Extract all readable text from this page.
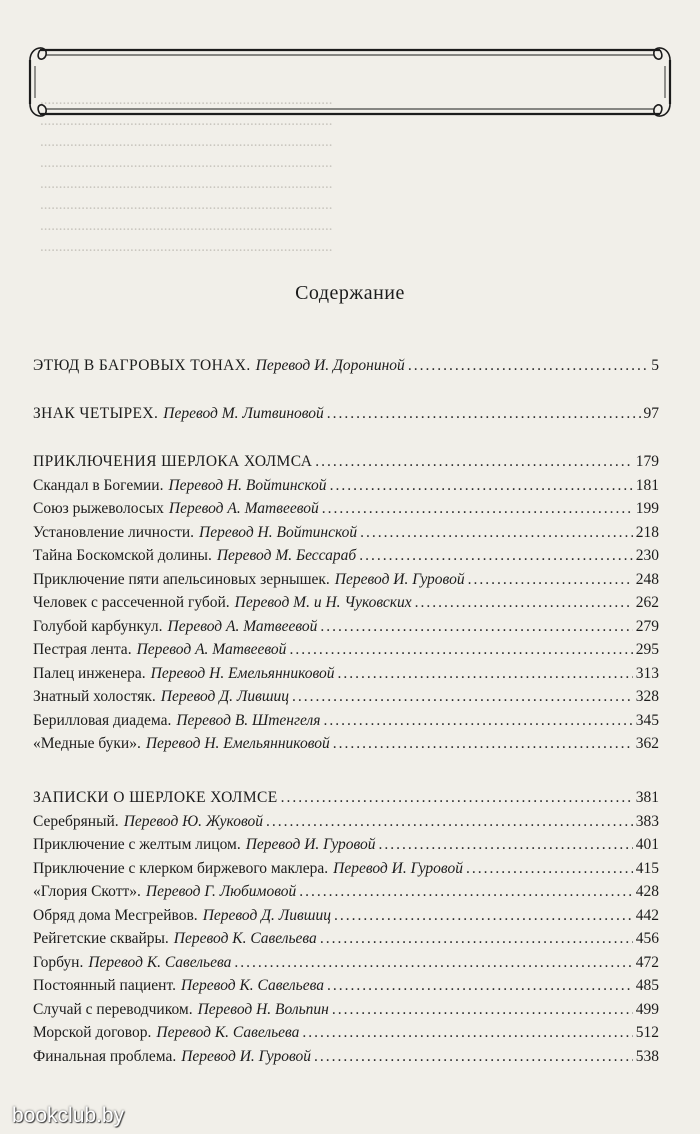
..............................................................................
..............................................................................
..............................................................................
..............................................................................
..............................................................................
..............................................................................
..............................................................................
..............................................................................
Содержание
ЭТЮД В БАГРОВЫХ ТОНАХ. Перевод И. Дорониной .....	5
ЗНАК ЧЕТЫРЕХ. Перевод М. Литвиновой .....	97
ПРИКЛЮЧЕНИЯ ШЕРЛОКА ХОЛМСА .....	179
Скандал в Богемии. Перевод Н. Войтинской .....	181
Союз рыжеволосых Перевод А. Матвеевой .....	199
Установление личности. Перевод Н. Войтинской .....	218
Тайна Боскомской долины. Перевод М. Бессараб .....	230
Приключение пяти апельсиновых зернышек. Перевод И. Гуровой .....	248
Человек с рассеченной губой. Перевод М. и Н. Чуковских .....	262
Голубой карбункул. Перевод А. Матвеевой .....	279
Пестрая лента. Перевод А. Матвеевой .....	295
Палец инженера. Перевод Н. Емельянниковой .....	313
Знатный холостяк. Перевод Д. Лившиц .....	328
Берилловая диадема. Перевод В. Штенгеля .....	345
«Медные буки». Перевод Н. Емельянниковой .....	362
ЗАПИСКИ О ШЕРЛОКЕ ХОЛМСЕ .....	381
Серебряный. Перевод Ю. Жуковой .....	383
Приключение с желтым лицом. Перевод И. Гуровой .....	401
Приключение с клерком биржевого маклера. Перевод И. Гуровой .....	415
«Глория Скотт». Перевод Г. Любимовой .....	428
Обряд дома Месгрейвов. Перевод Д. Лившиц .....	442
Рейгетские сквайры. Перевод К. Савельева .....	456
Горбун. Перевод К. Савельева .....	472
Постоянный пациент. Перевод К. Савельева .....	485
Случай с переводчиком. Перевод Н. Вольпин .....	499
Морской договор. Перевод К. Савельева .....	512
Финальная проблема. Перевод И. Гуровой .....	538
bookclub.by
